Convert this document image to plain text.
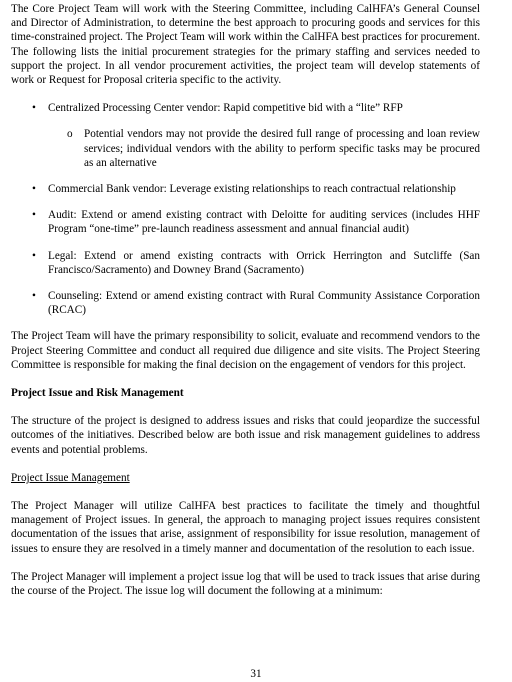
The Core Project Team will work with the Steering Committee, including CalHFA’s General Counsel and Director of Administration, to determine the best approach to procuring goods and services for this time-constrained project. The Project Team will work within the CalHFA best practices for procurement. The following lists the initial procurement strategies for the primary staffing and services needed to support the project. In all vendor procurement activities, the project team will develop statements of work or Request for Proposal criteria specific to the activity.

• Centralized Processing Center vendor: Rapid competitive bid with a “lite” RFP
o Potential vendors may not provide the desired full range of processing and loan review services; individual vendors with the ability to perform specific tasks may be procured as an alternative
• Commercial Bank vendor: Leverage existing relationships to reach contractual relationship
• Audit: Extend or amend existing contract with Deloitte for auditing services (includes HHF Program “one-time” pre-launch readiness assessment and annual financial audit)
• Legal: Extend or amend existing contracts with Orrick Herrington and Sutcliffe (San Francisco/Sacramento) and Downey Brand (Sacramento)
• Counseling: Extend or amend existing contract with Rural Community Assistance Corporation (RCAC)

The Project Team will have the primary responsibility to solicit, evaluate and recommend vendors to the Project Steering Committee and conduct all required due diligence and site visits. The Project Steering Committee is responsible for making the final decision on the engagement of vendors for this project.

Project Issue and Risk Management

The structure of the project is designed to address issues and risks that could jeopardize the successful outcomes of the initiatives. Described below are both issue and risk management guidelines to address events and potential problems.

Project Issue Management

The Project Manager will utilize CalHFA best practices to facilitate the timely and thoughtful management of Project issues. In general, the approach to managing project issues requires consistent documentation of the issues that arise, assignment of responsibility for issue resolution, management of issues to ensure they are resolved in a timely manner and documentation of the resolution to each issue.

The Project Manager will implement a project issue log that will be used to track issues that arise during the course of the Project. The issue log will document the following at a minimum:

31
